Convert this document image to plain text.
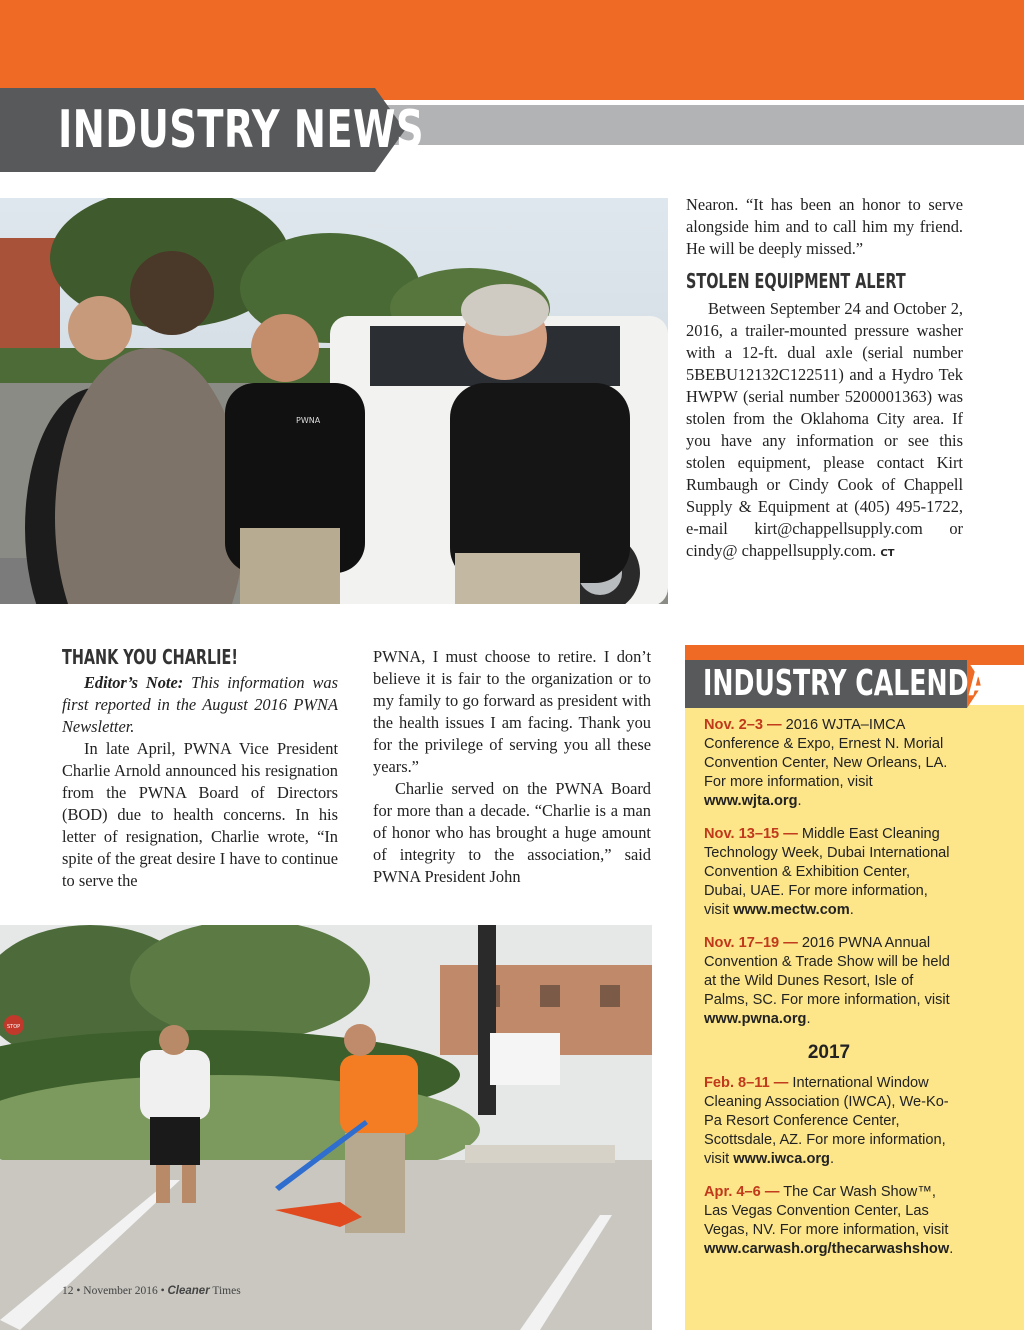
INDUSTRY NEWS
PWNA

Nearon. “It has been an honor to serve alongside him and to call him my friend. He will be deeply missed.”

STOLEN EQUIPMENT ALERT

Between September 24 and October 2, 2016, a trailer-mounted pressure washer with a 12-ft. dual axle (serial number 5BEBU12132C122511) and a Hydro Tek HWPW (serial number 5200001363) was stolen from the Oklahoma City area. If you have any information or see this stolen equipment, please contact Kirt Rumbaugh or Cindy Cook of Chappell Supply & Equipment at (405) 495-1722, e-mail kirt@chappellsupply.com or cindy@ chappellsupply.com. CT

THANK YOU CHARLIE!

Editor’s Note: This information was first reported in the August 2016 PWNA Newsletter.

In late April, PWNA Vice President Charlie Arnold announced his resignation from the PWNA Board of Directors (BOD) due to health concerns. In his letter of resignation, Charlie wrote, “In spite of the great desire I have to continue to serve the

PWNA, I must choose to retire. I don’t believe it is fair to the organization or to my family to go forward as president with the health issues I am facing. Thank you for the privilege of serving you all these years.”

Charlie served on the PWNA Board for more than a decade. “Charlie is a man of honor who has brought a huge amount of integrity to the association,” said PWNA President John

INDUSTRY CALENDAR
Nov. 2–3 — 2016 WJTA–IMCA Conference & Expo, Ernest N. Morial Convention Center, New Orleans, LA. For more information, visit www.wjta.org.
Nov. 13–15 — Middle East Cleaning Technology Week, Dubai International Convention & Exhibition Center, Dubai, UAE. For more information, visit www.mectw.com.
Nov. 17–19 — 2016 PWNA Annual Convention & Trade Show will be held at the Wild Dunes Resort, Isle of Palms, SC. For more information, visit www.pwna.org.
2017
Feb. 8–11 — International Window Cleaning Association (IWCA), We-Ko-Pa Resort Conference Center, Scottsdale, AZ. For more information, visit www.iwca.org.
Apr. 4–6 — The Car Wash Show™, Las Vegas Convention Center, Las Vegas, NV. For more information, visit www.carwash.org/thecarwashshow.
STOP
12 • November 2016 • Cleaner Times
